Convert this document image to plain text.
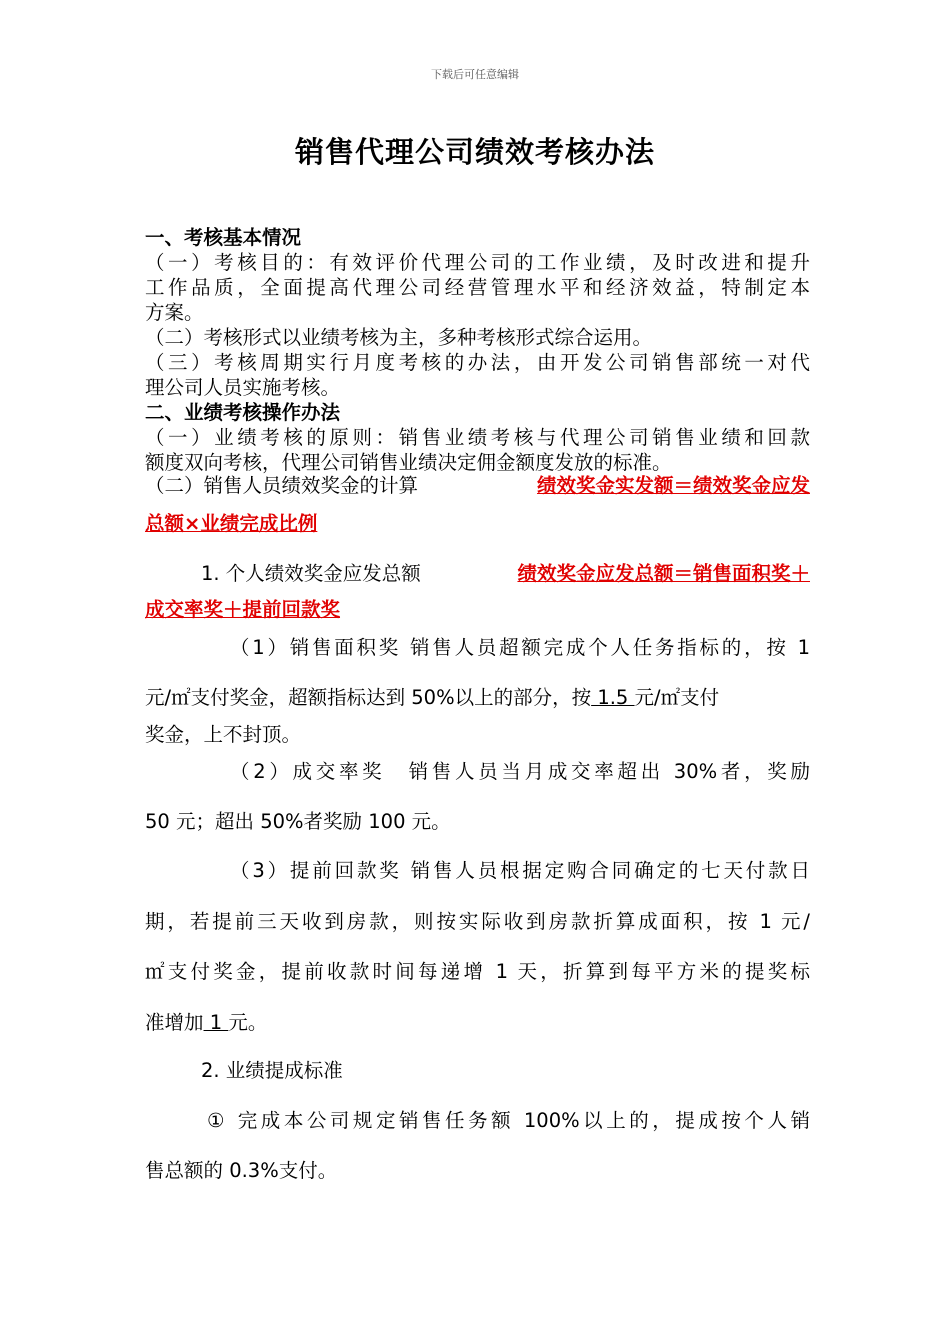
下载后可任意编辑
销售代理公司绩效考核办法
一、考核基本情况
（一）考核目的：有效评价代理公司的工作业绩，及时改进和提升
工作品质，全面提高代理公司经营管理水平和经济效益，特制定本
方案。
（二）考核形式以业绩考核为主，多种考核形式综合运用。
（三）考核周期实行月度考核的办法，由开发公司销售部统一对代
理公司人员实施考核。
二、业绩考核操作办法
（一）业绩考核的原则：销售业绩考核与代理公司销售业绩和回款
额度双向考核，代理公司销售业绩决定佣金额度发放的标准。
（二）销售人员绩效奖金的计算	绩效奖金实发额＝绩效奖金应发
总额×业绩完成比例
1. 个人绩效奖金应发总额	绩效奖金应发总额＝销售面积奖＋
成交率奖＋提前回款奖
（1）销售面积奖 销售人员超额完成个人任务指标的，按 1
元/㎡支付奖金，超额指标达到 50%以上的部分，按 1.5 元/㎡支付
奖金，上不封顶。
（2）成交率奖　销售人员当月成交率超出 30%者，奖励
50 元；超出 50%者奖励 100 元。
（3）提前回款奖 销售人员根据定购合同确定的七天付款日
期，若提前三天收到房款，则按实际收到房款折算成面积，按 1 元/
㎡支付奖金，提前收款时间每递增 1 天，折算到每平方米的提奖标
准增加 1 元。
2. 业绩提成标准
① 完成本公司规定销售任务额 100%以上的，提成按个人销
售总额的 0.3%支付。
